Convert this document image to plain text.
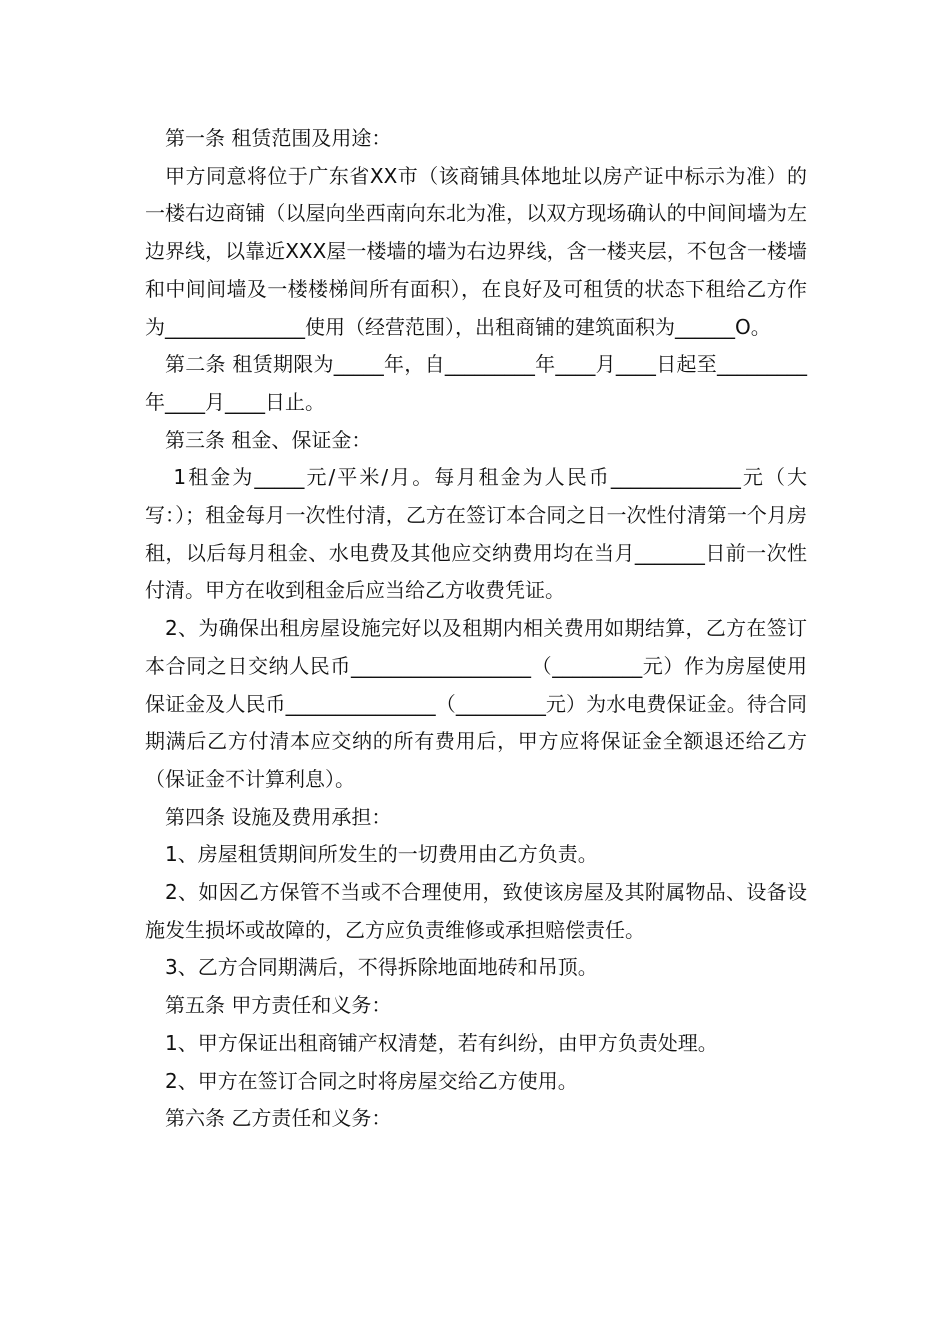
第一条 租赁范围及用途：

甲方同意将位于广东省XX市（该商铺具体地址以房产证中标示为准）的一楼右边商铺（以屋向坐西南向东北为准，以双方现场确认的中间间墙为左边界线，以靠近XXX屋一楼墙的墙为右边界线，含一楼夹层，不包含一楼墙和中间间墙及一楼楼梯间所有面积），在良好及可租赁的状态下租给乙方作为______________使用（经营范围），出租商铺的建筑面积为______O。

第二条 租赁期限为_____年，自_________年____月____日起至_________年____月____日止。

第三条 租金、保证金：

1租金为_____元/平米/月。每月租金为人民币_____________元（大写：）；租金每月一次性付清，乙方在签订本合同之日一次性付清第一个月房租，以后每月租金、水电费及其他应交纳费用均在当月_______日前一次性付清。甲方在收到租金后应当给乙方收费凭证。

2、为确保出租房屋设施完好以及租期内相关费用如期结算，乙方在签订本合同之日交纳人民币__________________（_________元）作为房屋使用保证金及人民币_______________（_________元）为水电费保证金。待合同期满后乙方付清本应交纳的所有费用后，甲方应将保证金全额退还给乙方（保证金不计算利息）。

第四条 设施及费用承担：

1、房屋租赁期间所发生的一切费用由乙方负责。

2、如因乙方保管不当或不合理使用，致使该房屋及其附属物品、设备设施发生损坏或故障的，乙方应负责维修或承担赔偿责任。

3、乙方合同期满后，不得拆除地面地砖和吊顶。

第五条 甲方责任和义务：

1、甲方保证出租商铺产权清楚，若有纠纷，由甲方负责处理。

2、甲方在签订合同之时将房屋交给乙方使用。

第六条 乙方责任和义务：
